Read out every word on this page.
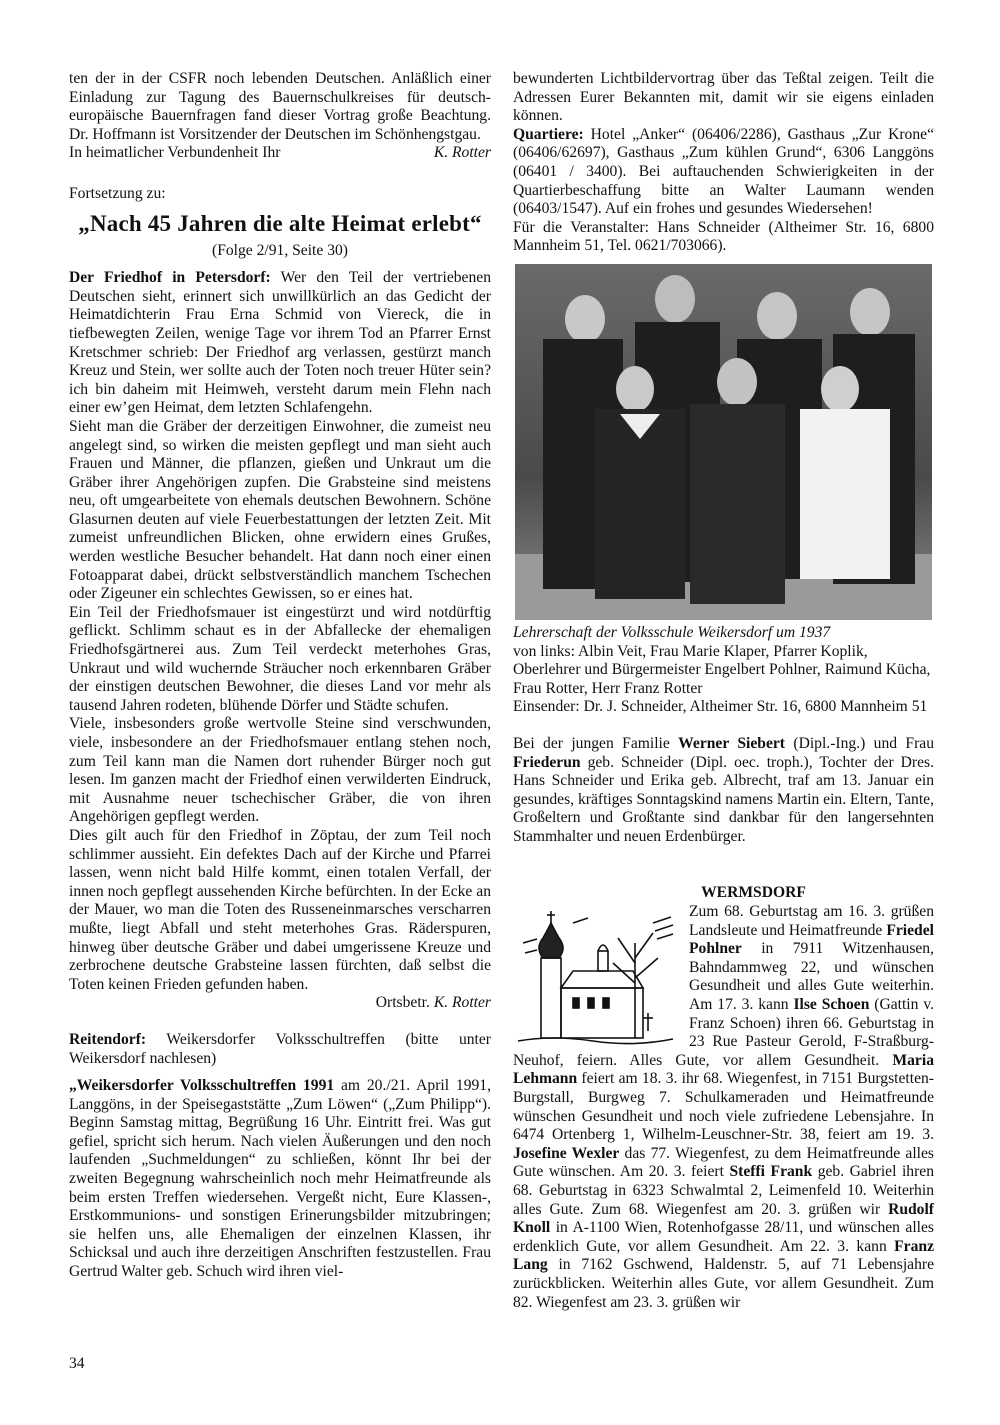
ten der in der CSFR noch lebenden Deutschen. Anläßlich einer Einladung zur Tagung des Bauernschulkreises für deutsch-europäische Bauernfragen fand dieser Vortrag große Beachtung. Dr. Hoffmann ist Vorsitzender der Deutschen im Schönhengstgau.

In heimatlicher Verbundenheit Ihr	K. Rotter

Fortsetzung zu:

„Nach 45 Jahren die alte Heimat erlebt“

(Folge 2/91, Seite 30)

Der Friedhof in Petersdorf: Wer den Teil der vertriebenen Deutschen sieht, erinnert sich unwillkürlich an das Gedicht der Heimatdichterin Frau Erna Schmid von Viereck, die in tiefbewegten Zeilen, wenige Tage vor ihrem Tod an Pfarrer Ernst Kretschmer schrieb: Der Friedhof arg verlassen, gestürzt manch Kreuz und Stein, wer sollte auch der Toten noch treuer Hüter sein? ich bin daheim mit Heimweh, versteht darum mein Flehn nach einer ew’gen Heimat, dem letzten Schlafengehn.

Sieht man die Gräber der derzeitigen Einwohner, die zumeist neu angelegt sind, so wirken die meisten gepflegt und man sieht auch Frauen und Männer, die pflanzen, gießen und Unkraut um die Gräber ihrer Angehörigen zupfen. Die Grabsteine sind meistens neu, oft umgearbeitete von ehemals deutschen Bewohnern. Schöne Glasurnen deuten auf viele Feuerbestattungen der letzten Zeit. Mit zumeist unfreundlichen Blicken, ohne erwidern eines Grußes, werden westliche Besucher behandelt. Hat dann noch einer einen Fotoapparat dabei, drückt selbstverständlich manchem Tschechen oder Zigeuner ein schlechtes Gewissen, so er eines hat.

Ein Teil der Friedhofsmauer ist eingestürzt und wird notdürftig geflickt. Schlimm schaut es in der Abfallecke der ehemaligen Friedhofsgärtnerei aus. Zum Teil verdeckt meterhohes Gras, Unkraut und wild wuchernde Sträucher noch erkennbaren Gräber der einstigen deutschen Bewohner, die dieses Land vor mehr als tausend Jahren rodeten, blühende Dörfer und Städte schufen.

Viele, insbesonders große wertvolle Steine sind verschwunden, viele, insbesondere an der Friedhofsmauer entlang stehen noch, zum Teil kann man die Namen dort ruhender Bürger noch gut lesen. Im ganzen macht der Friedhof einen verwilderten Eindruck, mit Ausnahme neuer tschechischer Gräber, die von ihren Angehörigen gepflegt werden.

Dies gilt auch für den Friedhof in Zöptau, der zum Teil noch schlimmer aussieht. Ein defektes Dach auf der Kirche und Pfarrei lassen, wenn nicht bald Hilfe kommt, einen totalen Verfall, der innen noch gepflegt aussehenden Kirche befürchten. In der Ecke an der Mauer, wo man die Toten des Russeneinmarsches verscharren mußte, liegt Abfall und steht meterhohes Gras. Räderspuren, hinweg über deutsche Gräber und dabei umgerissene Kreuze und zerbrochene deutsche Grabsteine lassen fürchten, daß selbst die Toten keinen Frieden gefunden haben.

Ortsbetr. K. Rotter

Reitendorf: Weikersdorfer Volksschultreffen (bitte unter Weikersdorf nachlesen)

„Weikersdorfer Volksschultreffen 1991 am 20./21. April 1991, Langgöns, in der Speisegaststätte „Zum Löwen“ („Zum Philipp“). Beginn Samstag mittag, Begrüßung 16 Uhr. Eintritt frei. Was gut gefiel, spricht sich herum. Nach vielen Äußerungen und den noch laufenden „Suchmeldungen“ zu schließen, könnt Ihr bei der zweiten Begegnung wahrscheinlich noch mehr Heimatfreunde als beim ersten Treffen wiedersehen. Vergeßt nicht, Eure Klassen-, Erstkommunions- und sonstigen Erinerungsbilder mitzubringen; sie helfen uns, alle Ehemaligen der einzelnen Klassen, ihr Schicksal und auch ihre derzeitigen Anschriften festzustellen. Frau Gertrud Walter geb. Schuch wird ihren viel-

bewunderten Lichtbildervortrag über das Teßtal zeigen. Teilt die Adressen Eurer Bekannten mit, damit wir sie eigens einladen können.

Quartiere: Hotel „Anker“ (06406/2286), Gasthaus „Zur Krone“ (06406/62697), Gasthaus „Zum kühlen Grund“, 6306 Langgöns (06401 / 3400). Bei auftauchenden Schwierigkeiten in der Quartierbeschaffung bitte an Walter Laumann wenden (06403/1547). Auf ein frohes und gesundes Wiedersehen!

Für die Veranstalter: Hans Schneider (Altheimer Str. 16, 6800 Mannheim 51, Tel. 0621/703066).

Lehrerschaft der Volksschule Weikersdorf um 1937

von links: Albin Veit, Frau Marie Klaper, Pfarrer Koplik, Oberlehrer und Bürgermeister Engelbert Pohlner, Raimund Kücha, Frau Rotter, Herr Franz Rotter

Einsender: Dr. J. Schneider, Altheimer Str. 16, 6800 Mannheim 51

Bei der jungen Familie Werner Siebert (Dipl.-Ing.) und Frau Friederun geb. Schneider (Dipl. oec. troph.), Tochter der Dres. Hans Schneider und Erika geb. Albrecht, traf am 13. Januar ein gesundes, kräftiges Sonntagskind namens Martin ein. Eltern, Tante, Großeltern und Großtante sind dankbar für den langersehnten Stammhalter und neuen Erdenbürger.

WERMSDORF

Zum 68. Geburtstag am 16. 3. grüßen Landsleute und Heimatfreunde Friedel Pohlner in 7911 Witzenhausen, Bahndammweg 22, und wünschen Gesundheit und alles Gute weiterhin. Am 17. 3. kann Ilse Schoen (Gattin v. Franz Schoen) ihren 66. Geburtstag in 23 Rue Pasteur Gerold, F-Straßburg-Neuhof, feiern. Alles Gute, vor allem Gesundheit. Maria Lehmann feiert am 18. 3. ihr 68. Wiegenfest, in 7151 Burgstetten-Burgstall, Burgweg 7. Schulkameraden und Heimatfreunde wünschen Gesundheit und noch viele zufriedene Lebensjahre. In 6474 Ortenberg 1, Wilhelm-Leuschner-Str. 38, feiert am 19. 3. Josefine Wexler das 77. Wiegenfest, zu dem Heimatfreunde alles Gute wünschen. Am 20. 3. feiert Steffi Frank geb. Gabriel ihren 68. Geburtstag in 6323 Schwalmtal 2, Leimenfeld 10. Weiterhin alles Gute. Zum 68. Wiegenfest am 20. 3. grüßen wir Rudolf Knoll in A-1100 Wien, Rotenhofgasse 28/11, und wünschen alles erdenklich Gute, vor allem Gesundheit. Am 22. 3. kann Franz Lang in 7162 Gschwend, Haldenstr. 5, auf 71 Lebensjahre zurückblicken. Weiterhin alles Gute, vor allem Gesundheit. Zum 82. Wiegenfest am 23. 3. grüßen wir

34
